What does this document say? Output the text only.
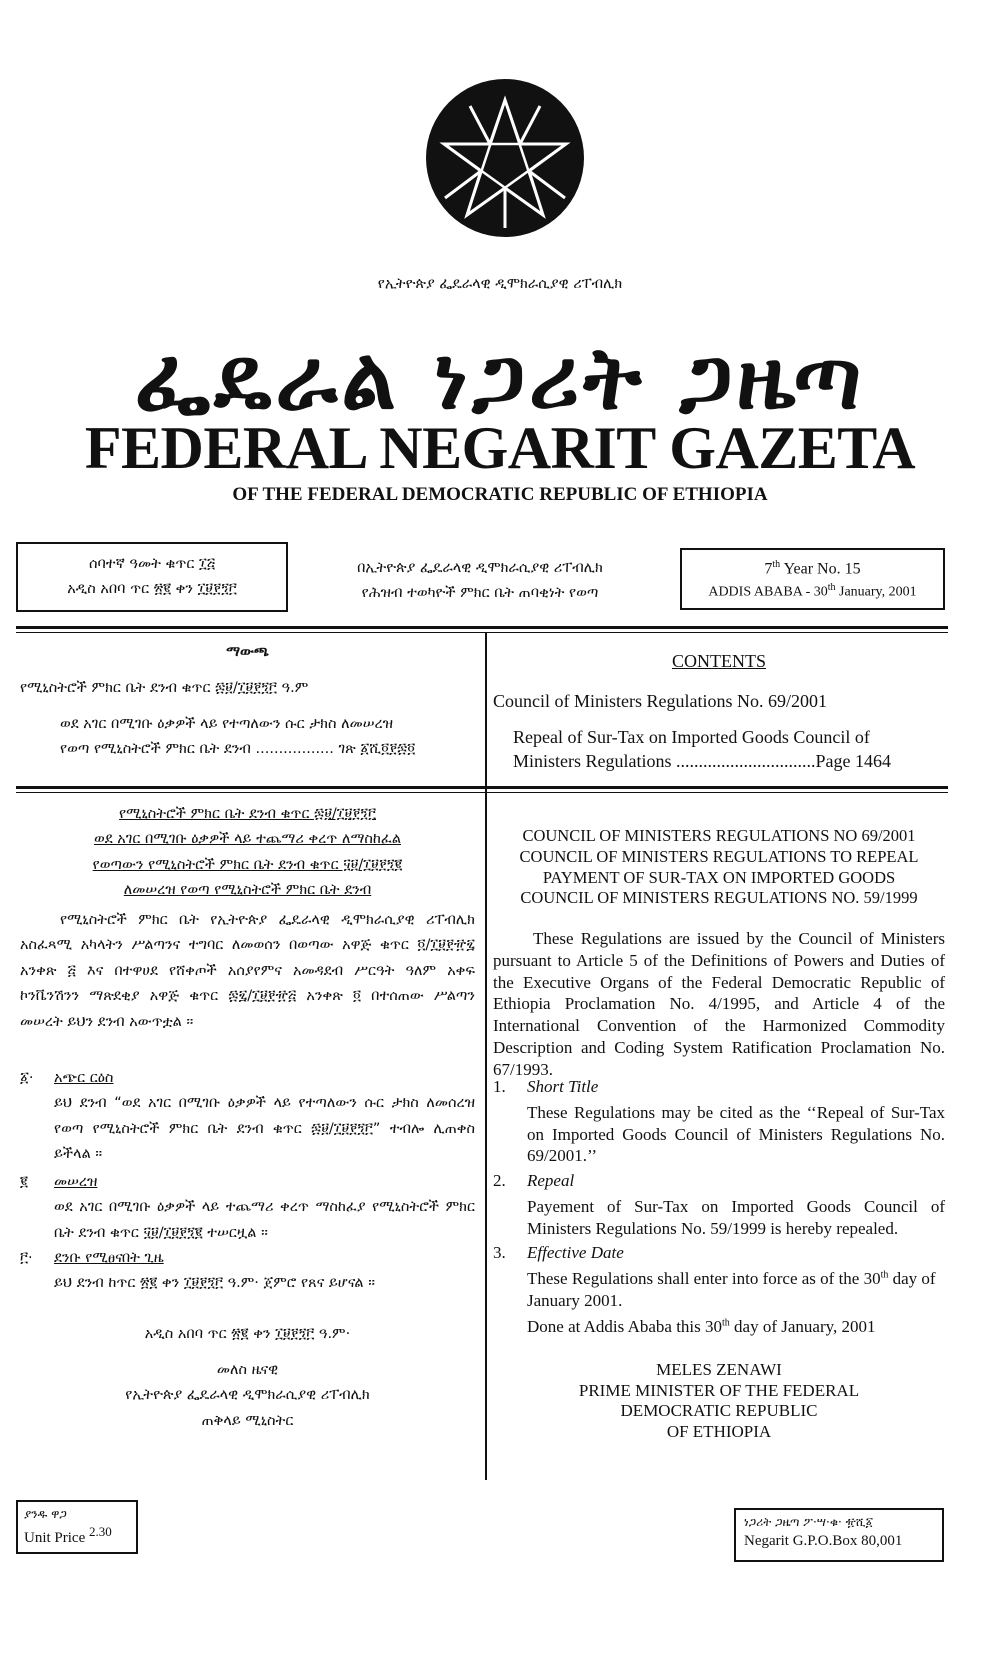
የኢትዮጵያ ፌዴራላዊ ዲሞክራሲያዊ ሪፐብሊክ
ፌዴራል ነጋሪት ጋዜጣ
FEDERAL NEGARIT GAZETA
OF THE FEDERAL DEMOCRATIC REPUBLIC OF ETHIOPIA
ሰባተኛ ዓመት ቁጥር ፲፭
አዲስ አበባ ጥር ፳፪ ቀን ፲፱፻፺፫
በኢትዮጵያ ፌዴራላዊ ዲሞክራሲያዊ ሪፐብሊክ
የሕዝብ ተወካዮች ምክር ቤት ጠባቂነት የወጣ
7th Year No. 15
ADDIS ABABA - 30th January, 2001
ማውጫ
የሚኒስትሮች ምክር ቤት ደንብ ቁጥር ፷፱/፲፱፻፺፫ ዓ.ም
ወደ አገር በሚገቡ ዕቃዎች ላይ የተጣለውን ሱር ታክስ ለመሠረዝ
የወጣ የሚኒስትሮች ምክር ቤት ደንብ ................. ገጽ ፩ሺ፬፻፷፬
CONTENTS
Council of Ministers Regulations No. 69/2001
Repeal of Sur-Tax on Imported Goods Council of
Ministers Regulations ...............................Page 1464
የሚኒስትሮች ምክር ቤት ደንብ ቁጥር ፷፱/፲፱፻፺፫
ወደ አገር በሚገቡ ዕቃዎች ላይ ተጨማሪ ቀረጥ ለማስከፈል
የወጣውን የሚኒስትሮች ምክር ቤት ደንብ ቁጥር ፶፱/፲፱፻፺፪
ለመሠረዝ የወጣ የሚኒስትሮች ምክር ቤት ደንብ
የሚኒስትሮች ምክር ቤት የኢትዮጵያ ፌዴራላዊ ዲሞክራሲያዊ ሪፐብሊክ አስፈጻሚ አካላትን ሥልጣንና ተግባር ለመወሰን በወጣው አዋጅ ቁጥር ፬/፲፱፻፹፯ አንቀጽ ፭ እና በተዋሀደ የሸቀጦች አሰያየምና አመዳደብ ሥርዓት ዓለም አቀፍ ኮንቬንሽንን ማጽደቂያ አዋጅ ቁጥር ፷፯/፲፱፻፹፭ አንቀጽ ፬ በተሰጠው ሥልጣን መሠረት ይህን ደንብ አውጥቷል ።
፩· አጭር ርዕስ
ይህ ደንብ “ወደ አገር በሚገቡ ዕቃዎች ላይ የተጣለውን ሱር ታክስ ለመሰረዝ የወጣ የሚኒስትሮች ምክር ቤት ደንብ ቁጥር ፷፱/፲፱፻፺፫” ተብሎ ሊጠቀስ ይችላል ።
፪ መሠረዝ
ወደ አገር በሚገቡ ዕቃዎች ላይ ተጨማሪ ቀረጥ ማስከፈያ የሚኒስትሮች ምክር ቤት ደንብ ቁጥር ፶፱/፲፱፻፺፪ ተሠርዟል ።
፫· ደንቡ የሚፀናበት ጊዜ
ይህ ደንብ ከጥር ፳፪ ቀን ፲፱፻፺፫ ዓ.ም· ጀምሮ የጸና ይሆናል ።
አዲስ አበባ ጥር ፳፪ ቀን ፲፱፻፺፫ ዓ.ም·
መለስ ዜናዊ
የኢትዮጵያ ፌዴራላዊ ዲሞክራሲያዊ ሪፐብሊክ
ጠቅላይ ሚኒስትር
COUNCIL OF MINISTERS REGULATIONS NO 69/2001
COUNCIL OF MINISTERS REGULATIONS TO REPEAL
PAYMENT OF SUR-TAX ON IMPORTED GOODS
COUNCIL OF MINISTERS REGULATIONS NO. 59/1999
These Regulations are issued by the Council of Ministers pursuant to Article 5 of the Definitions of Powers and Duties of the Executive Organs of the Federal Democratic Republic of Ethiopia Proclamation No. 4/1995, and Article 4 of the International Convention of the Harmonized Commodity Description and Coding System Ratification Proclamation No. 67/1993.
1. Short Title
These Regulations may be cited as the ‘‘Repeal of Sur-Tax on Imported Goods Council of Ministers Regulations No. 69/2001.’’
2. Repeal
Payement of Sur-Tax on Imported Goods Council of Ministers Regulations No. 59/1999 is hereby repealed.
3. Effective Date
These Regulations shall enter into force as of the 30th day of January 2001.
Done at Addis Ababa this 30th day of January, 2001
MELES ZENAWI
PRIME MINISTER OF THE FEDERAL
DEMOCRATIC REPUBLIC
OF ETHIOPIA
ያንዱ ዋጋ
Unit Price $^{2.30}$
ነጋሪት ጋዜጣ ፖ·ሣ·ቁ· ፹ሺ፩
Negarit G.P.O.Box 80,001
